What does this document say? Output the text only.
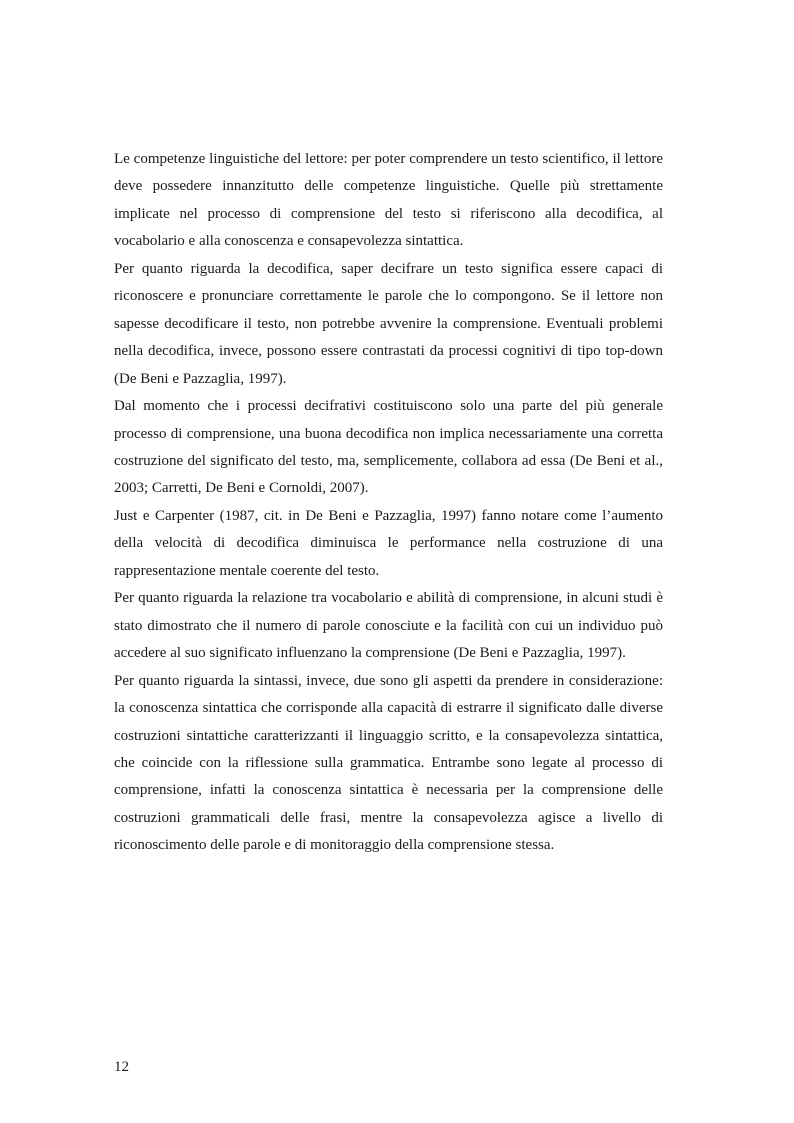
Le competenze linguistiche del lettore: per poter comprendere un testo scientifico, il lettore deve possedere innanzitutto delle competenze linguistiche. Quelle più strettamente implicate nel processo di comprensione del testo si riferiscono alla decodifica, al vocabolario e alla conoscenza e consapevolezza sintattica.

Per quanto riguarda la decodifica, saper decifrare un testo significa essere capaci di riconoscere e pronunciare correttamente le parole che lo compongono. Se il lettore non sapesse decodificare il testo, non potrebbe avvenire la comprensione. Eventuali problemi nella decodifica, invece, possono essere contrastati da processi cognitivi di tipo top-down (De Beni e Pazzaglia, 1997).

Dal momento che i processi decifrativi costituiscono solo una parte del più generale processo di comprensione, una buona decodifica non implica necessariamente una corretta costruzione del significato del testo, ma, semplicemente, collabora ad essa (De Beni et al., 2003; Carretti, De Beni e Cornoldi, 2007).

Just e Carpenter (1987, cit. in De Beni e Pazzaglia, 1997) fanno notare come l’aumento della velocità di decodifica diminuisca le performance nella costruzione di una rappresentazione mentale coerente del testo.

Per quanto riguarda la relazione tra vocabolario e abilità di comprensione, in alcuni studi è stato dimostrato che il numero di parole conosciute e la facilità con cui un individuo può accedere al suo significato influenzano la comprensione (De Beni e Pazzaglia, 1997).

Per quanto riguarda la sintassi, invece, due sono gli aspetti da prendere in considerazione: la conoscenza sintattica che corrisponde alla capacità di estrarre il significato dalle diverse costruzioni sintattiche caratterizzanti il linguaggio scritto, e la consapevolezza sintattica, che coincide con la riflessione sulla grammatica. Entrambe sono legate al processo di comprensione, infatti la conoscenza sintattica è necessaria per la comprensione delle costruzioni grammaticali delle frasi, mentre la consapevolezza agisce a livello di riconoscimento delle parole e di monitoraggio della comprensione stessa.

12
